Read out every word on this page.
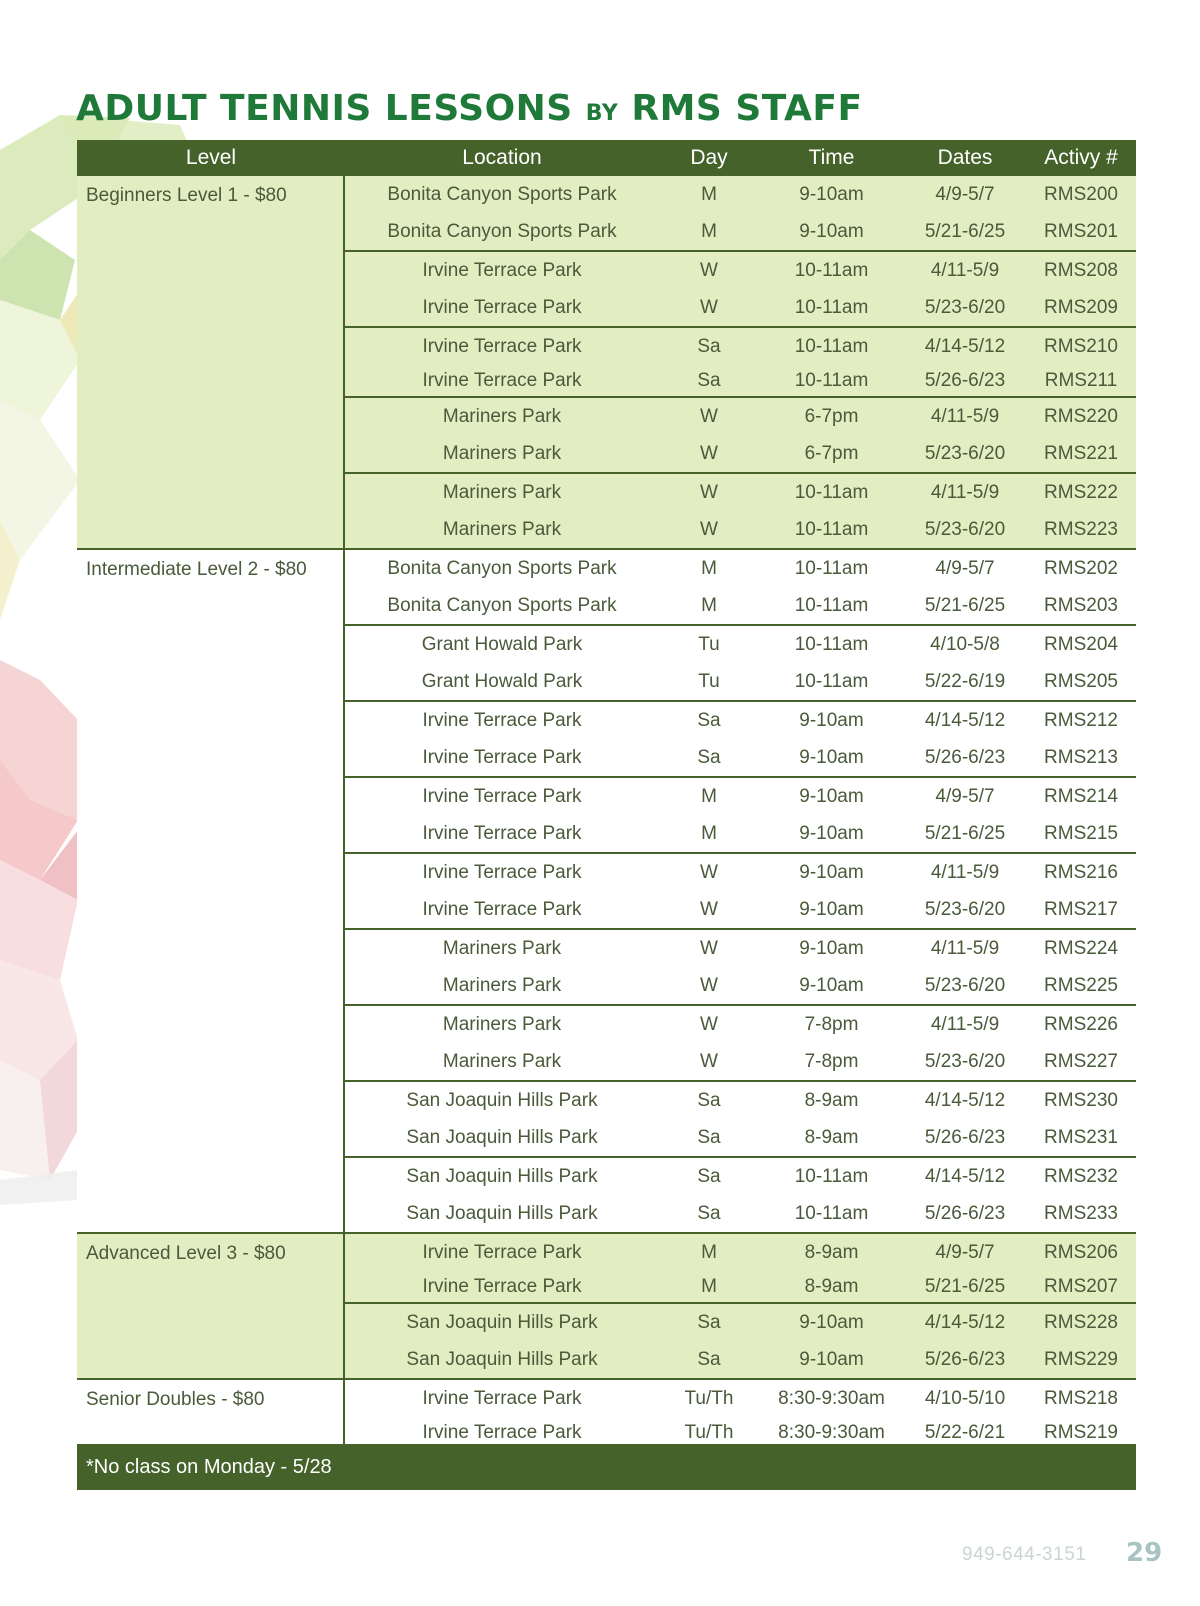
ADULT TENNIS LESSONS BY RMS STAFF
Level	Location	Day	Time	Dates	Activy #
Beginners Level 1 - $80	Bonita Canyon Sports Park	M	9-10am	4/9-5/7	RMS200
Bonita Canyon Sports Park	M	9-10am	5/21-6/25	RMS201
Irvine Terrace Park	W	10-11am	4/11-5/9	RMS208
Irvine Terrace Park	W	10-11am	5/23-6/20	RMS209
Irvine Terrace Park	Sa	10-11am	4/14-5/12	RMS210
Irvine Terrace Park	Sa	10-11am	5/26-6/23	RMS211
Mariners Park	W	6-7pm	4/11-5/9	RMS220
Mariners Park	W	6-7pm	5/23-6/20	RMS221
Mariners Park	W	10-11am	4/11-5/9	RMS222
Mariners Park	W	10-11am	5/23-6/20	RMS223
Intermediate Level 2 - $80	Bonita Canyon Sports Park	M	10-11am	4/9-5/7	RMS202
Bonita Canyon Sports Park	M	10-11am	5/21-6/25	RMS203
Grant Howald Park	Tu	10-11am	4/10-5/8	RMS204
Grant Howald Park	Tu	10-11am	5/22-6/19	RMS205
Irvine Terrace Park	Sa	9-10am	4/14-5/12	RMS212
Irvine Terrace Park	Sa	9-10am	5/26-6/23	RMS213
Irvine Terrace Park	M	9-10am	4/9-5/7	RMS214
Irvine Terrace Park	M	9-10am	5/21-6/25	RMS215
Irvine Terrace Park	W	9-10am	4/11-5/9	RMS216
Irvine Terrace Park	W	9-10am	5/23-6/20	RMS217
Mariners Park	W	9-10am	4/11-5/9	RMS224
Mariners Park	W	9-10am	5/23-6/20	RMS225
Mariners Park	W	7-8pm	4/11-5/9	RMS226
Mariners Park	W	7-8pm	5/23-6/20	RMS227
San Joaquin Hills Park	Sa	8-9am	4/14-5/12	RMS230
San Joaquin Hills Park	Sa	8-9am	5/26-6/23	RMS231
San Joaquin Hills Park	Sa	10-11am	4/14-5/12	RMS232
San Joaquin Hills Park	Sa	10-11am	5/26-6/23	RMS233
Advanced Level 3 - $80	Irvine Terrace Park	M	8-9am	4/9-5/7	RMS206
Irvine Terrace Park	M	8-9am	5/21-6/25	RMS207
San Joaquin Hills Park	Sa	9-10am	4/14-5/12	RMS228
San Joaquin Hills Park	Sa	9-10am	5/26-6/23	RMS229
Senior Doubles - $80	Irvine Terrace Park	Tu/Th	8:30-9:30am	4/10-5/10	RMS218
Irvine Terrace Park	Tu/Th	8:30-9:30am	5/22-6/21	RMS219
*No class on Monday - 5/28
949-644-3151 29
